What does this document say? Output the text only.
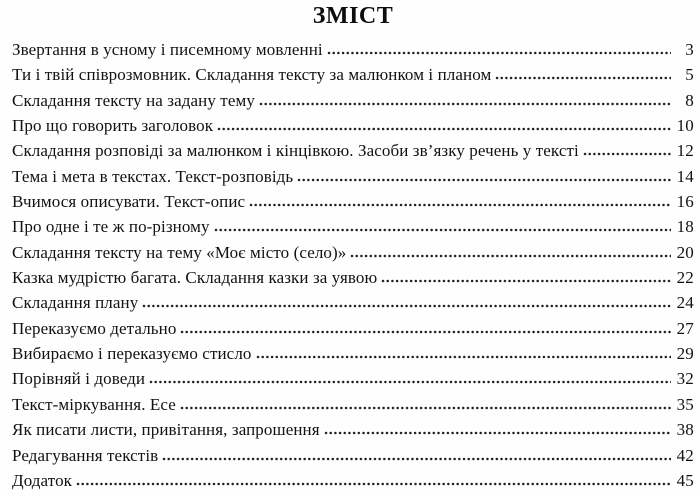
ЗМІСТ
Звертання в усному і писемному мовленні	3
Ти і твій співрозмовник. Складання тексту за малюнком і планом	5
Складання тексту на задану тему	8
Про що говорить заголовок	10
Складання розповіді за малюнком і кінцівкою. Засоби зв’язку речень у тексті	12
Тема і мета в текстах. Текст-розповідь	14
Вчимося описувати. Текст-опис	16
Про одне і те ж по-різному	18
Складання тексту на тему «Моє місто (село)»	20
Казка мудрістю багата. Складання казки за уявою	22
Складання плану	24
Переказуємо детально	27
Вибираємо і переказуємо стисло	29
Порівняй і доведи	32
Текст-міркування. Есе	35
Як писати листи, привітання, запрошення	38
Редагування текстів	42
Додаток	45
